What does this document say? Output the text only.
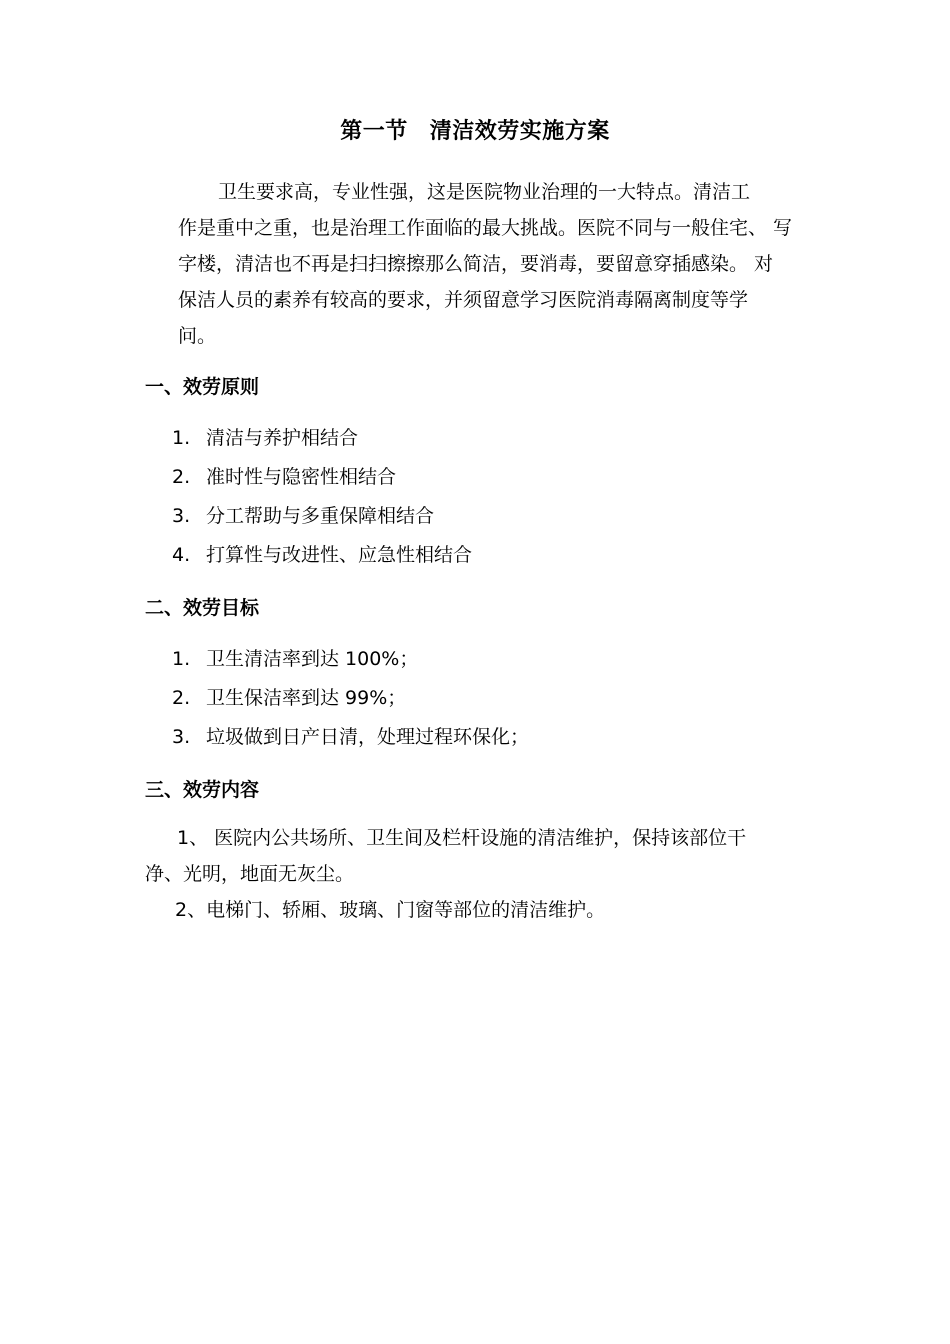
第一节 清洁效劳实施方案
卫生要求高，专业性强，这是医院物业治理的一大特点。清洁工
作是重中之重，也是治理工作面临的最大挑战。医院不同与一般住宅、 写
字楼，清洁也不再是扫扫擦擦那么简洁，要消毒，要留意穿插感染。 对
保洁人员的素养有较高的要求，并须留意学习医院消毒隔离制度等学
问。
一、效劳原则
1. 清洁与养护相结合
2. 准时性与隐密性相结合
3. 分工帮助与多重保障相结合
4. 打算性与改进性、应急性相结合
二、效劳目标
1. 卫生清洁率到达 100%；
2. 卫生保洁率到达 99%；
3. 垃圾做到日产日清，处理过程环保化；
三、效劳内容
1、 医院内公共场所、卫生间及栏杆设施的清洁维护，保持该部位干
净、光明，地面无灰尘。
2、电梯门、轿厢、玻璃、门窗等部位的清洁维护。
